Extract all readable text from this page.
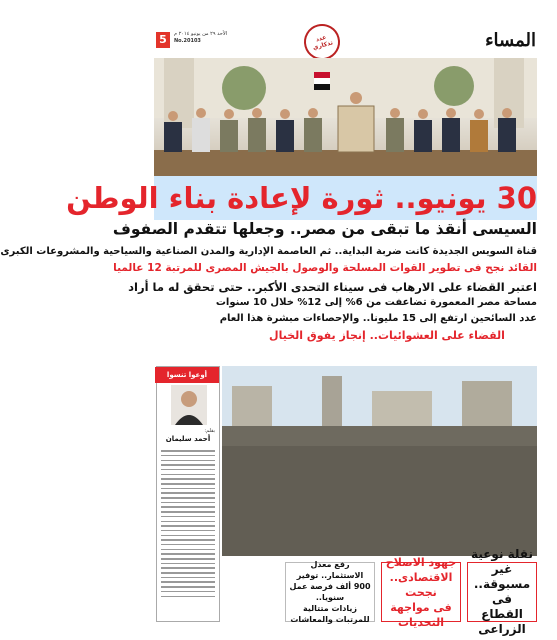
5	الأحد ٢٩ من يونيو ٢٠١٤ م
No.20103	عدد تذكاري	المساء
30 يونيو.. ثورة لإعادة بناء الوطن
السيسى أنقذ ما تبقى من مصر.. وجعلها تتقدم الصفوف
قناة السويس الجديدة كانت ضربة البداية.. ثم العاصمة الإدارية والمدن الصناعية والسياحية والمشروعات الكبرى
القائد نجح فى تطوير القوات المسلحة والوصول بالجيش المصرى للمرتبة 12 عالميا
اعتبر القضاء على الارهاب فى سيناء التحدى الأكبر.. حتى تحقق له ما أراد
مساحة مصر المعمورة تضاعفت من 6% إلى 12% خلال 10 سنوات
عدد السائحين ارتفع إلى 15 مليونا.. والإحصاءات مبشرة هذا العام
القضاء على العشوائيات.. إنجاز يفوق الخيال
أوعوا تنسوا
بقلم:
أحمد سليمان
نقلة نوعية
غير مسبوقة..
فى القطاع الزراعى
جهود الاصلاح
الاقتصادى.. نجحت
فى مواجهة التحديات
رفع معدل الاستثمار.. توفير
900 ألف فرصة عمل سنويا..
زيادات متتالية للمرتبات والمعاشات
